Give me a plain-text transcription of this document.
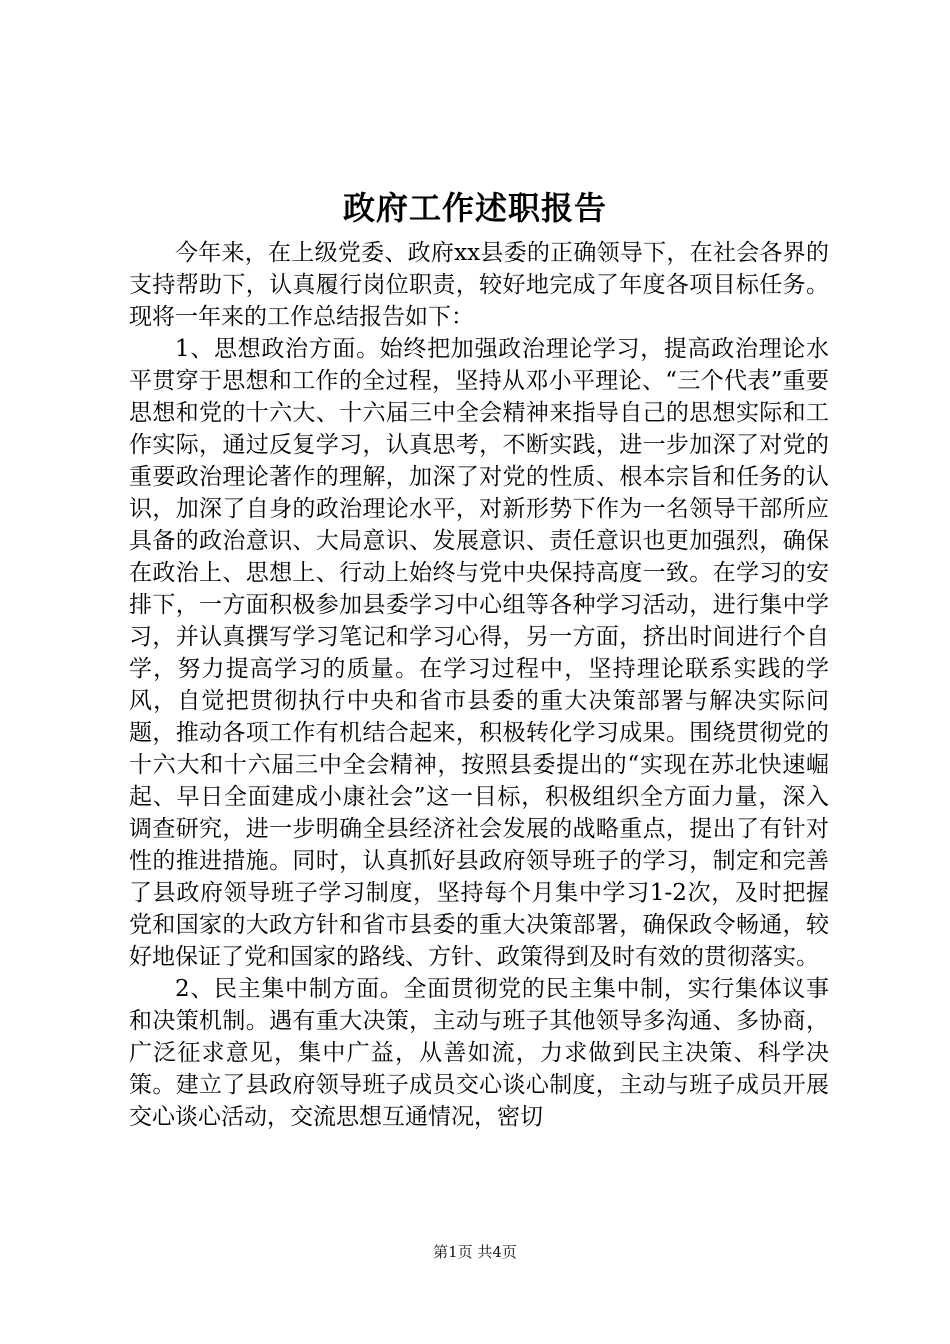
政府工作述职报告

今年来，在上级党委、政府xx县委的正确领导下，在社会各界的支持帮助下，认真履行岗位职责，较好地完成了年度各项目标任务。现将一年来的工作总结报告如下：

1、思想政治方面。始终把加强政治理论学习，提高政治理论水平贯穿于思想和工作的全过程，坚持从邓小平理论、“三个代表”重要思想和党的十六大、十六届三中全会精神来指导自己的思想实际和工作实际，通过反复学习，认真思考，不断实践，进一步加深了对党的重要政治理论著作的理解，加深了对党的性质、根本宗旨和任务的认识，加深了自身的政治理论水平，对新形势下作为一名领导干部所应具备的政治意识、大局意识、发展意识、责任意识也更加强烈，确保在政治上、思想上、行动上始终与党中央保持高度一致。在学习的安排下，一方面积极参加县委学习中心组等各种学习活动，进行集中学习，并认真撰写学习笔记和学习心得，另一方面，挤出时间进行个自学，努力提高学习的质量。在学习过程中，坚持理论联系实践的学风，自觉把贯彻执行中央和省市县委的重大决策部署与解决实际问题，推动各项工作有机结合起来，积极转化学习成果。围绕贯彻党的十六大和十六届三中全会精神，按照县委提出的“实现在苏北快速崛起、早日全面建成小康社会”这一目标，积极组织全方面力量，深入调查研究，进一步明确全县经济社会发展的战略重点，提出了有针对性的推进措施。同时，认真抓好县政府领导班子的学习，制定和完善了县政府领导班子学习制度，坚持每个月集中学习1-2次，及时把握党和国家的大政方针和省市县委的重大决策部署，确保政令畅通，较好地保证了党和国家的路线、方针、政策得到及时有效的贯彻落实。

2、民主集中制方面。全面贯彻党的民主集中制，实行集体议事和决策机制。遇有重大决策，主动与班子其他领导多沟通、多协商，广泛征求意见，集中广益，从善如流，力求做到民主决策、科学决策。建立了县政府领导班子成员交心谈心制度，主动与班子成员开展交心谈心活动，交流思想互通情况，密切

第1页 共4页
